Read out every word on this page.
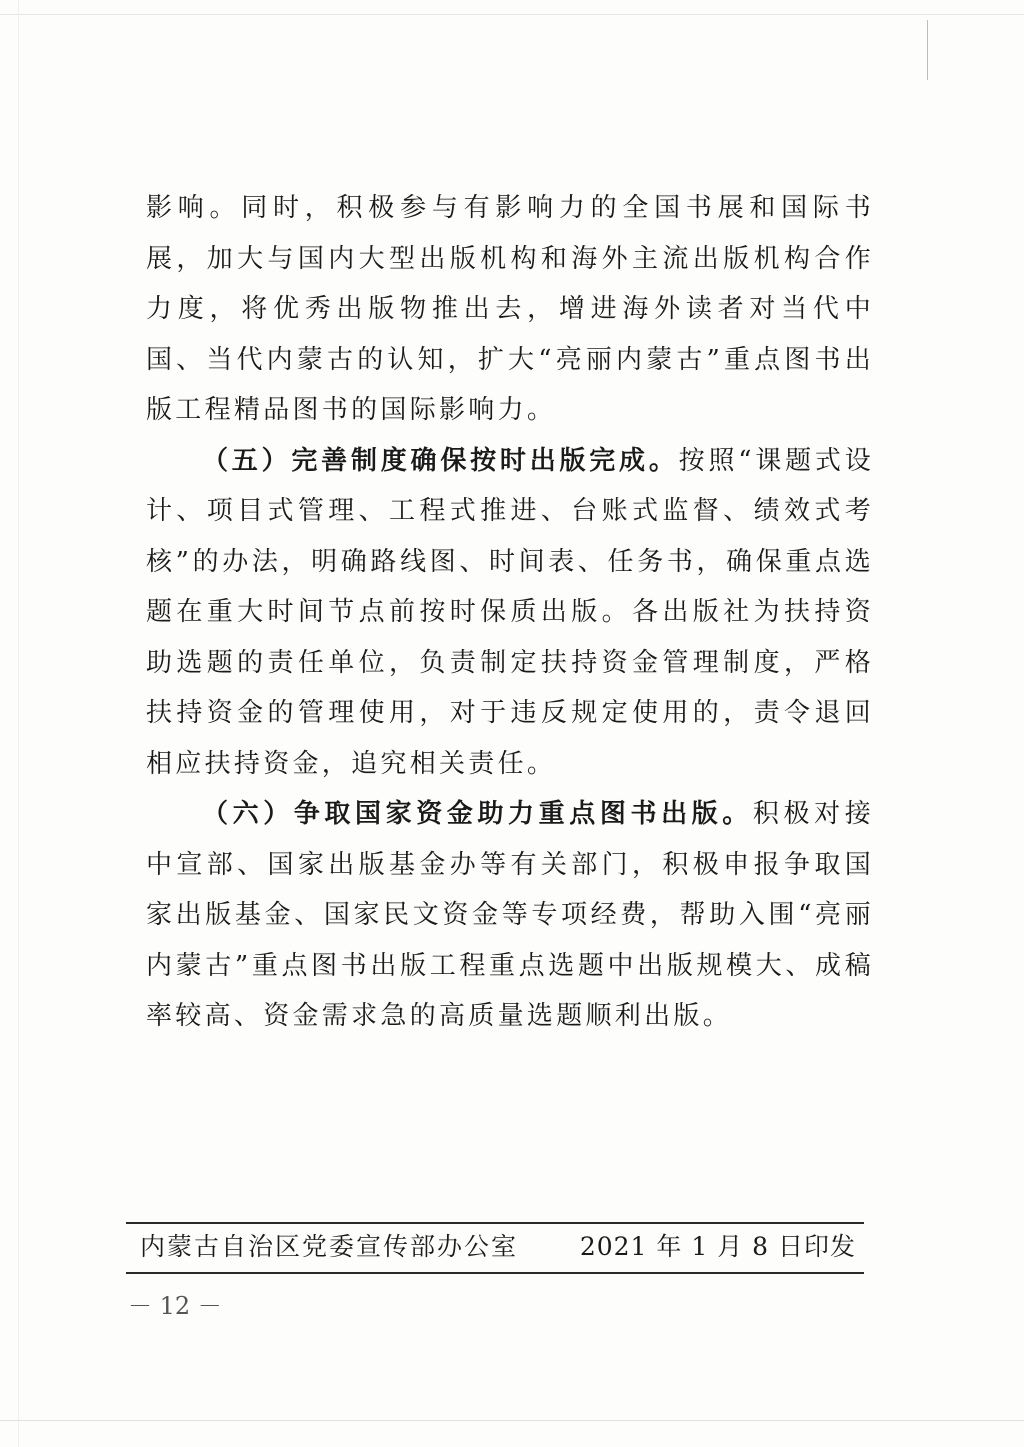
影响。同时，积极参与有影响力的全国书展和国际书展，加大与国内大型出版机构和海外主流出版机构合作力度，将优秀出版物推出去，增进海外读者对当代中国、当代内蒙古的认知，扩大“亮丽内蒙古”重点图书出版工程精品图书的国际影响力。

（五）完善制度确保按时出版完成。按照“课题式设计、项目式管理、工程式推进、台账式监督、绩效式考核”的办法，明确路线图、时间表、任务书，确保重点选题在重大时间节点前按时保质出版。各出版社为扶持资助选题的责任单位，负责制定扶持资金管理制度，严格扶持资金的管理使用，对于违反规定使用的，责令退回相应扶持资金，追究相关责任。

（六）争取国家资金助力重点图书出版。积极对接中宣部、国家出版基金办等有关部门，积极申报争取国家出版基金、国家民文资金等专项经费，帮助入围“亮丽内蒙古”重点图书出版工程重点选题中出版规模大、成稿率较高、资金需求急的高质量选题顺利出版。

内蒙古自治区党委宣传部办公室 2021 年 1 月 8 日印发
－ 12 －
